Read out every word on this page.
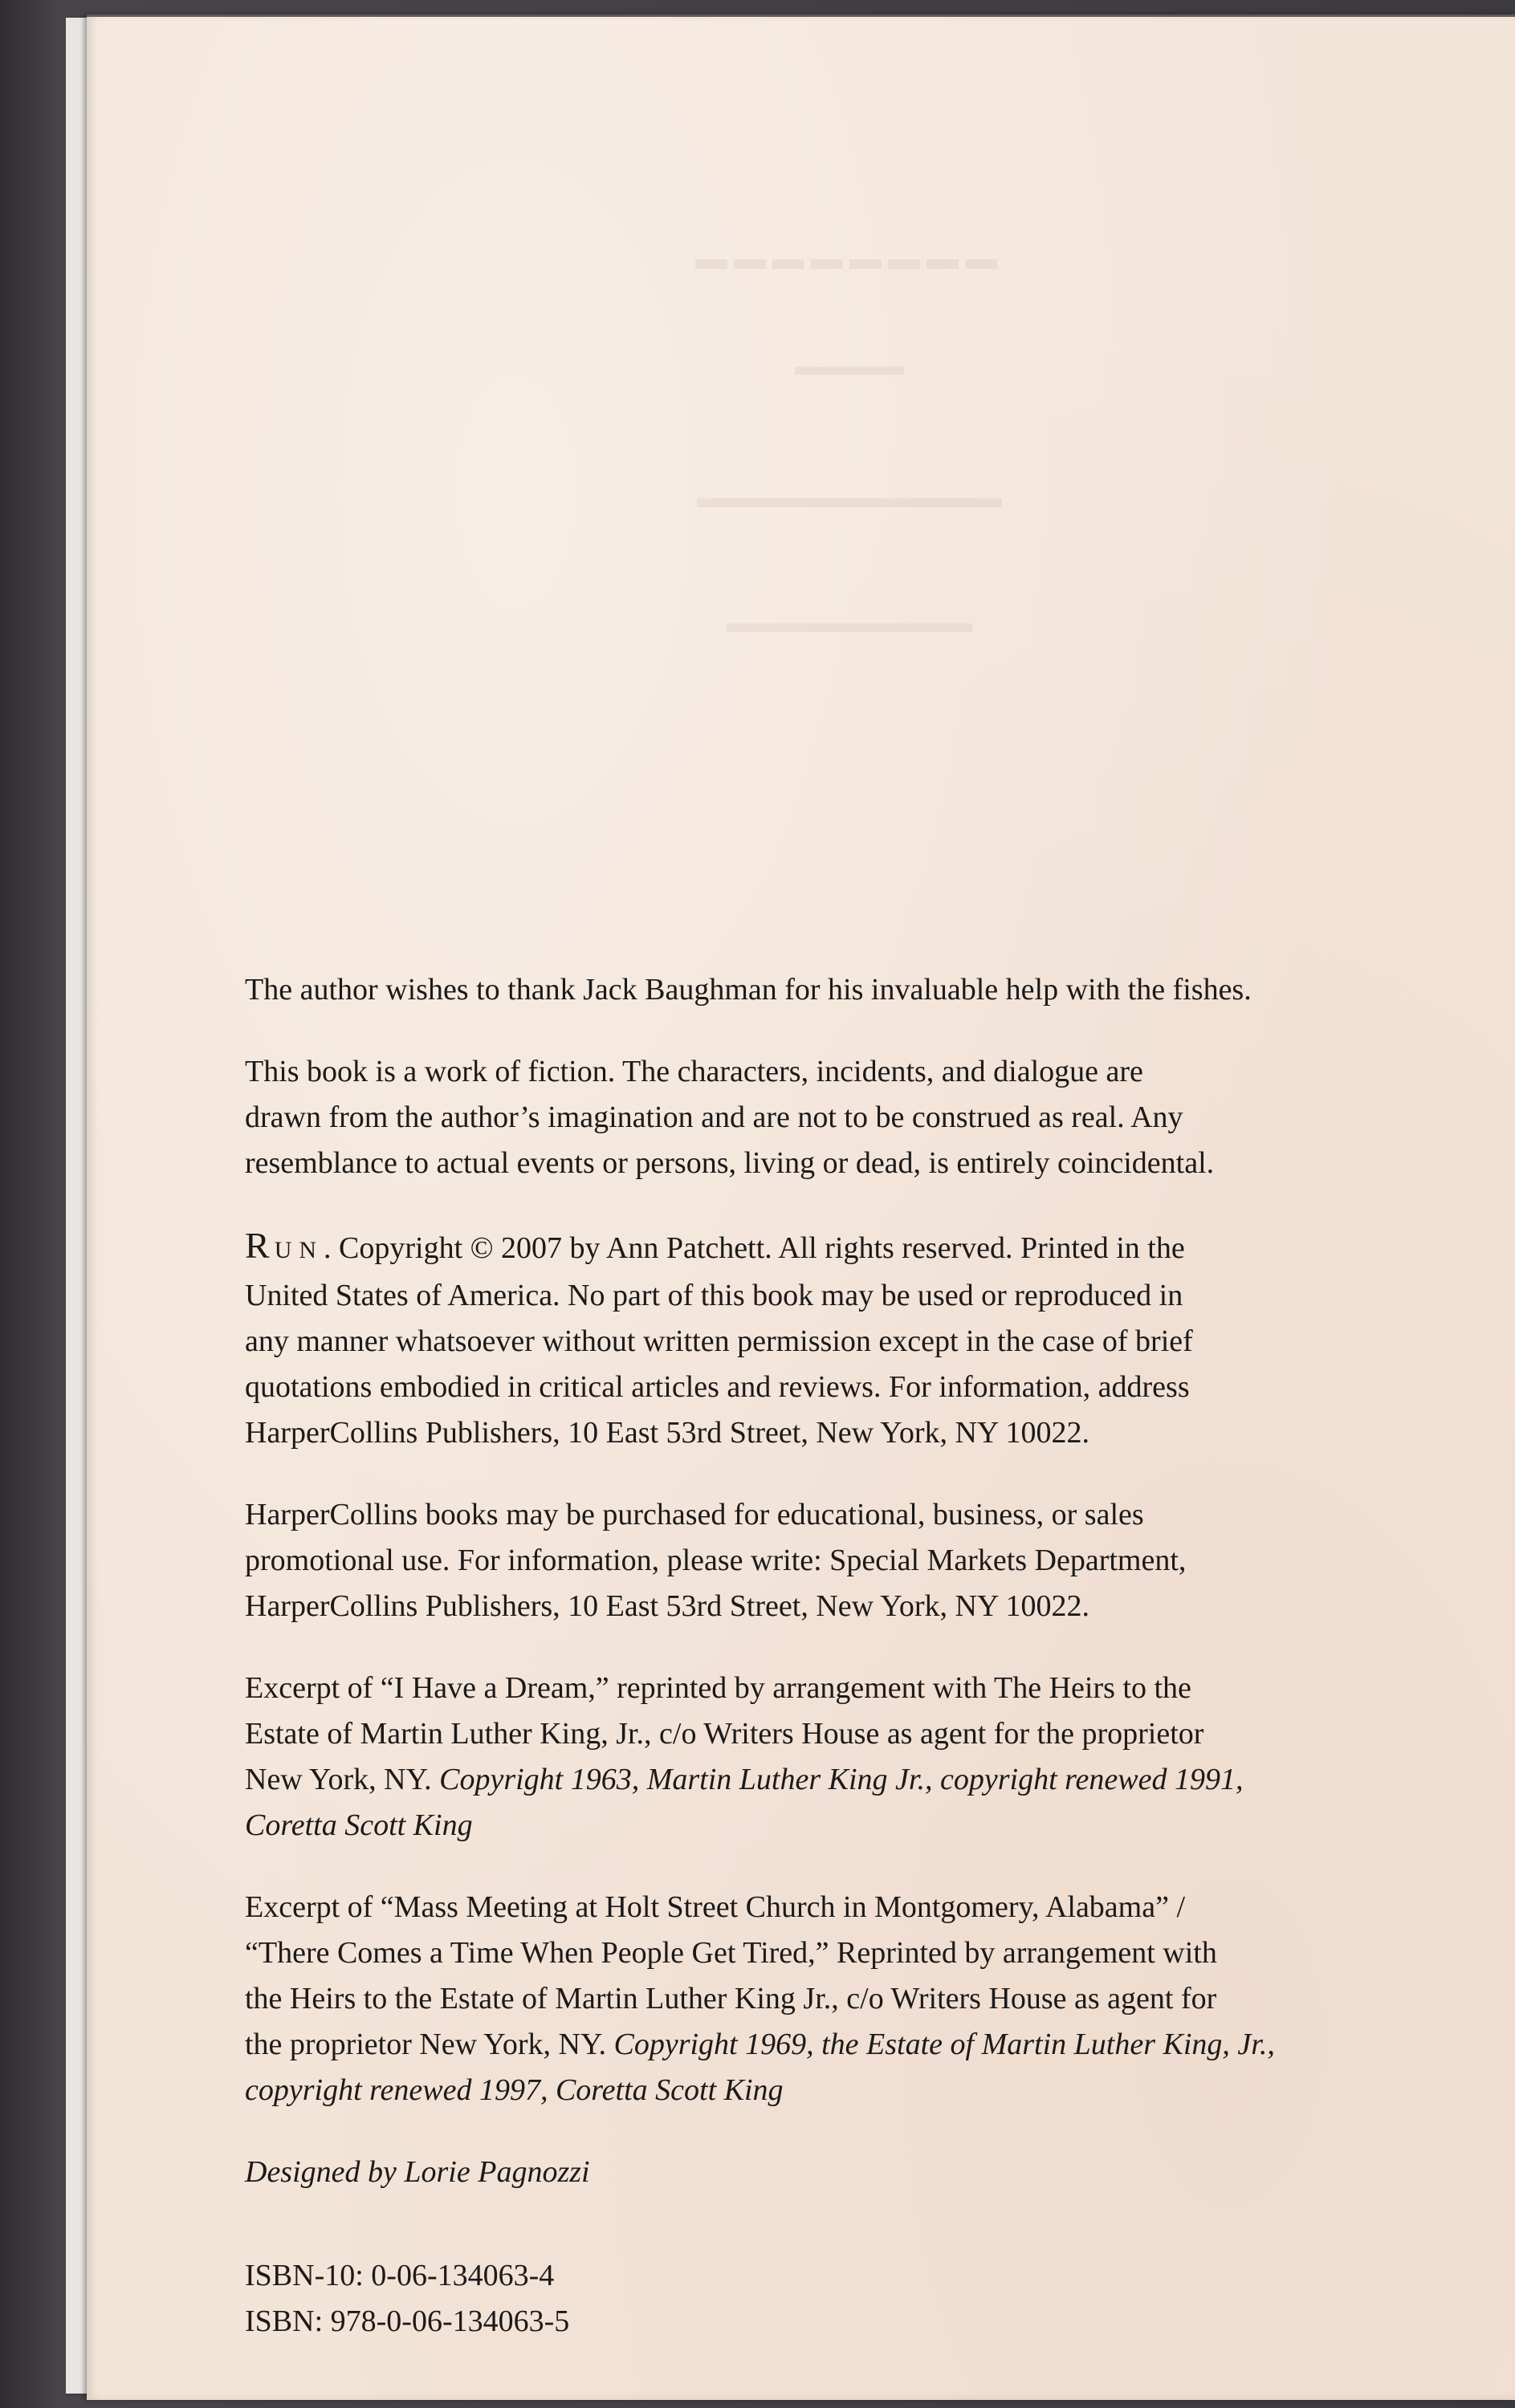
▬▬▬▬▬▬▬▬
▬▬▬▬
▬▬▬▬▬▬▬▬▬▬
▬▬▬▬▬▬▬▬▬
The author wishes to thank Jack Baughman for his invaluable help with the fishes.
This book is a work of fiction. The characters, incidents, and dialogue are
drawn from the author’s imagination and are not to be construed as real. Any
resemblance to actual events or persons, living or dead, is entirely coincidental.
RUN. Copyright © 2007 by Ann Patchett. All rights reserved. Printed in the
United States of America. No part of this book may be used or reproduced in
any manner whatsoever without written permission except in the case of brief
quotations embodied in critical articles and reviews. For information, address
HarperCollins Publishers, 10 East 53rd Street, New York, NY 10022.
HarperCollins books may be purchased for educational, business, or sales
promotional use. For information, please write: Special Markets Department,
HarperCollins Publishers, 10 East 53rd Street, New York, NY 10022.
Excerpt of “I Have a Dream,” reprinted by arrangement with The Heirs to the
Estate of Martin Luther King, Jr., c/o Writers House as agent for the proprietor
New York, NY. Copyright 1963, Martin Luther King Jr., copyright renewed 1991,
Coretta Scott King
Excerpt of “Mass Meeting at Holt Street Church in Montgomery, Alabama” /
“There Comes a Time When People Get Tired,” Reprinted by arrangement with
the Heirs to the Estate of Martin Luther King Jr., c/o Writers House as agent for
the proprietor New York, NY. Copyright 1969, the Estate of Martin Luther King, Jr.,
copyright renewed 1997, Coretta Scott King
Designed by Lorie Pagnozzi
ISBN-10: 0-06-134063-4
ISBN: 978-0-06-134063-5
